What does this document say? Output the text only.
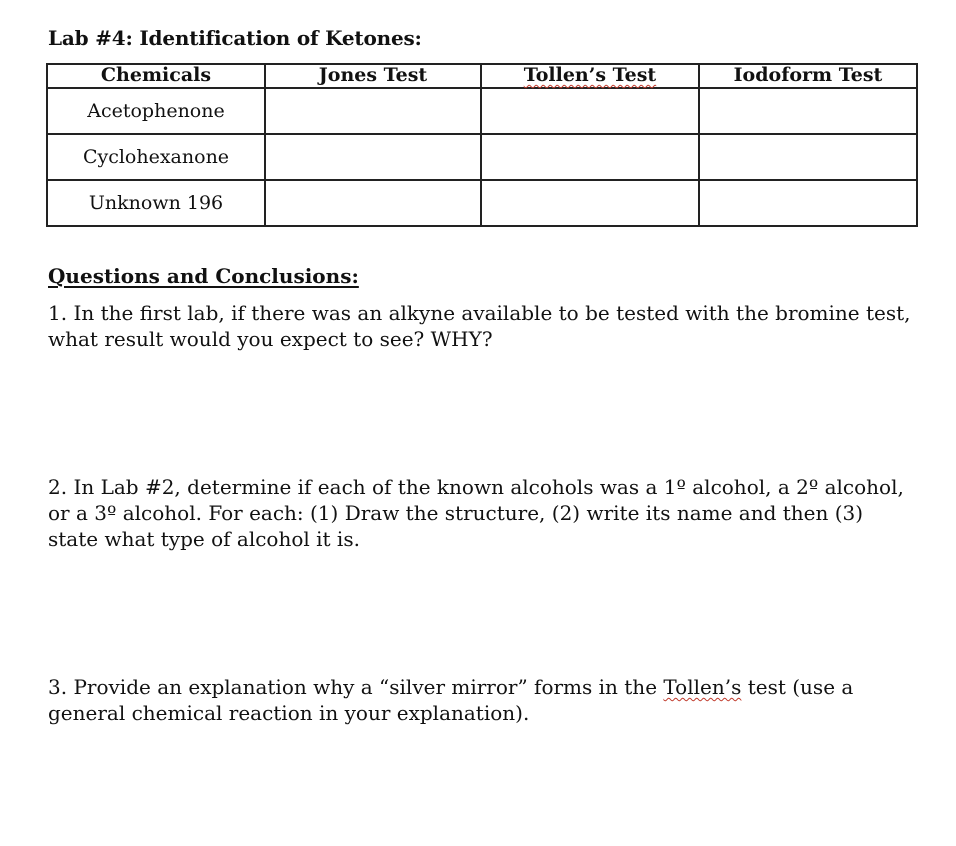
Lab #4: Identification of Ketones:
Chemicals	Jones Test	Tollen’s Test	Iodoform Test
Acetophenone			
Cyclohexanone			
Unknown 196			
Questions and Conclusions:
1. In the first lab, if there was an alkyne available to be tested with the bromine test, what result would you expect to see? WHY?
2. In Lab #2, determine if each of the known alcohols was a 1º alcohol, a 2º alcohol, or a 3º alcohol. For each: (1) Draw the structure, (2) write its name and then (3) state what type of alcohol it is.
3. Provide an explanation why a “silver mirror” forms in the Tollen’s test (use a general chemical reaction in your explanation).
